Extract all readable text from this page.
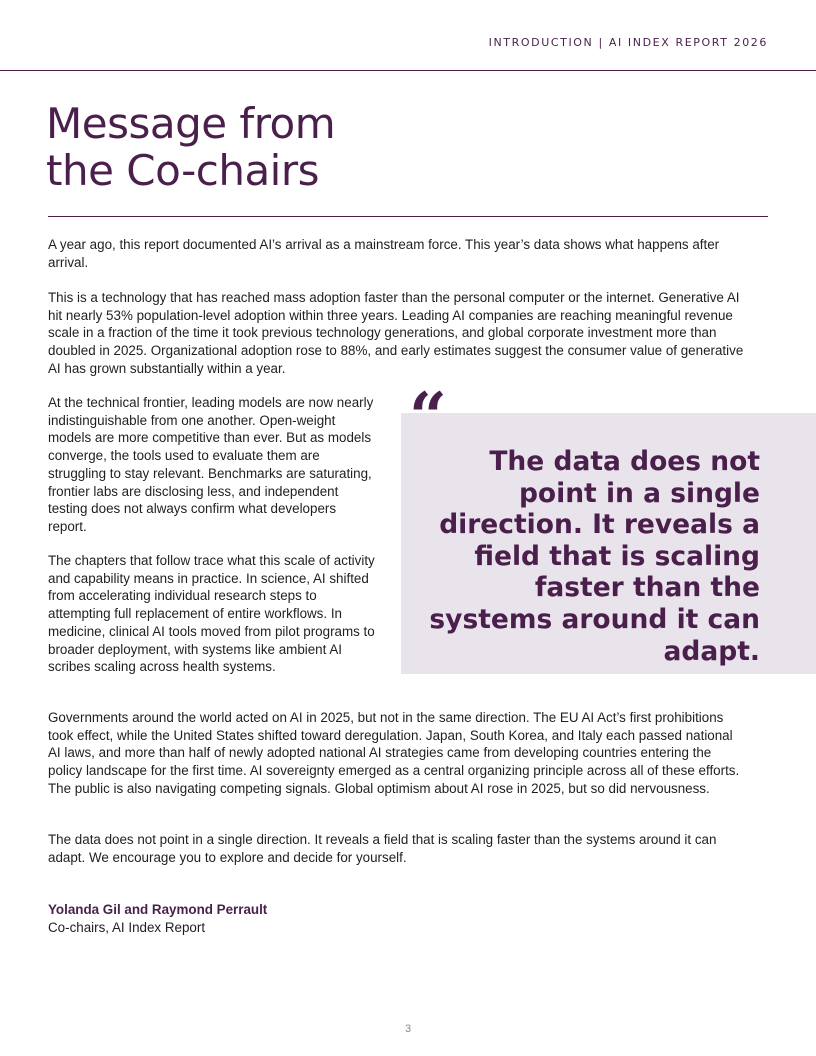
INTRODUCTION | AI INDEX REPORT 2026
Message from
the Co-chairs

A year ago, this report documented AI’s arrival as a mainstream force. This year’s data shows what happens after arrival.

This is a technology that has reached mass adoption faster than the personal computer or the internet. Generative AI hit nearly 53% population-level adoption within three years. Leading AI companies are reaching meaningful revenue scale in a fraction of the time it took previous technology generations, and global corporate investment more than doubled in 2025. Organizational adoption rose to 88%, and early estimates suggest the consumer value of generative AI has grown substantially within a year.

At the technical frontier, leading models are now nearly indistinguishable from one another. Open-weight models are more competitive than ever. But as models converge, the tools used to evaluate them are struggling to stay relevant. Benchmarks are saturating, frontier labs are disclosing less, and independent testing does not always confirm what developers report.

The chapters that follow trace what this scale of activity and capability means in practice. In science, AI shifted from accelerating individual research steps to attempting full replacement of entire workflows. In medicine, clinical AI tools moved from pilot programs to broader deployment, with systems like ambient AI scribes scaling across health systems.

Governments around the world acted on AI in 2025, but not in the same direction. The EU AI Act’s first prohibitions took effect, while the United States shifted toward deregulation. Japan, South Korea, and Italy each passed national AI laws, and more than half of newly adopted national AI strategies came from developing countries entering the policy landscape for the first time. AI sovereignty emerged as a central organizing principle across all of these efforts. The public is also navigating competing signals. Global optimism about AI rose in 2025, but so did nervousness.

The data does not point in a single direction. It reveals a field that is scaling faster than the systems around it can adapt. We encourage you to explore and decide for yourself.

“

The data does not point in a single direction. It reveals a field that is scaling faster than the systems around it can adapt.

Yolanda Gil and Raymond Perrault

Co-chairs, AI Index Report

3
